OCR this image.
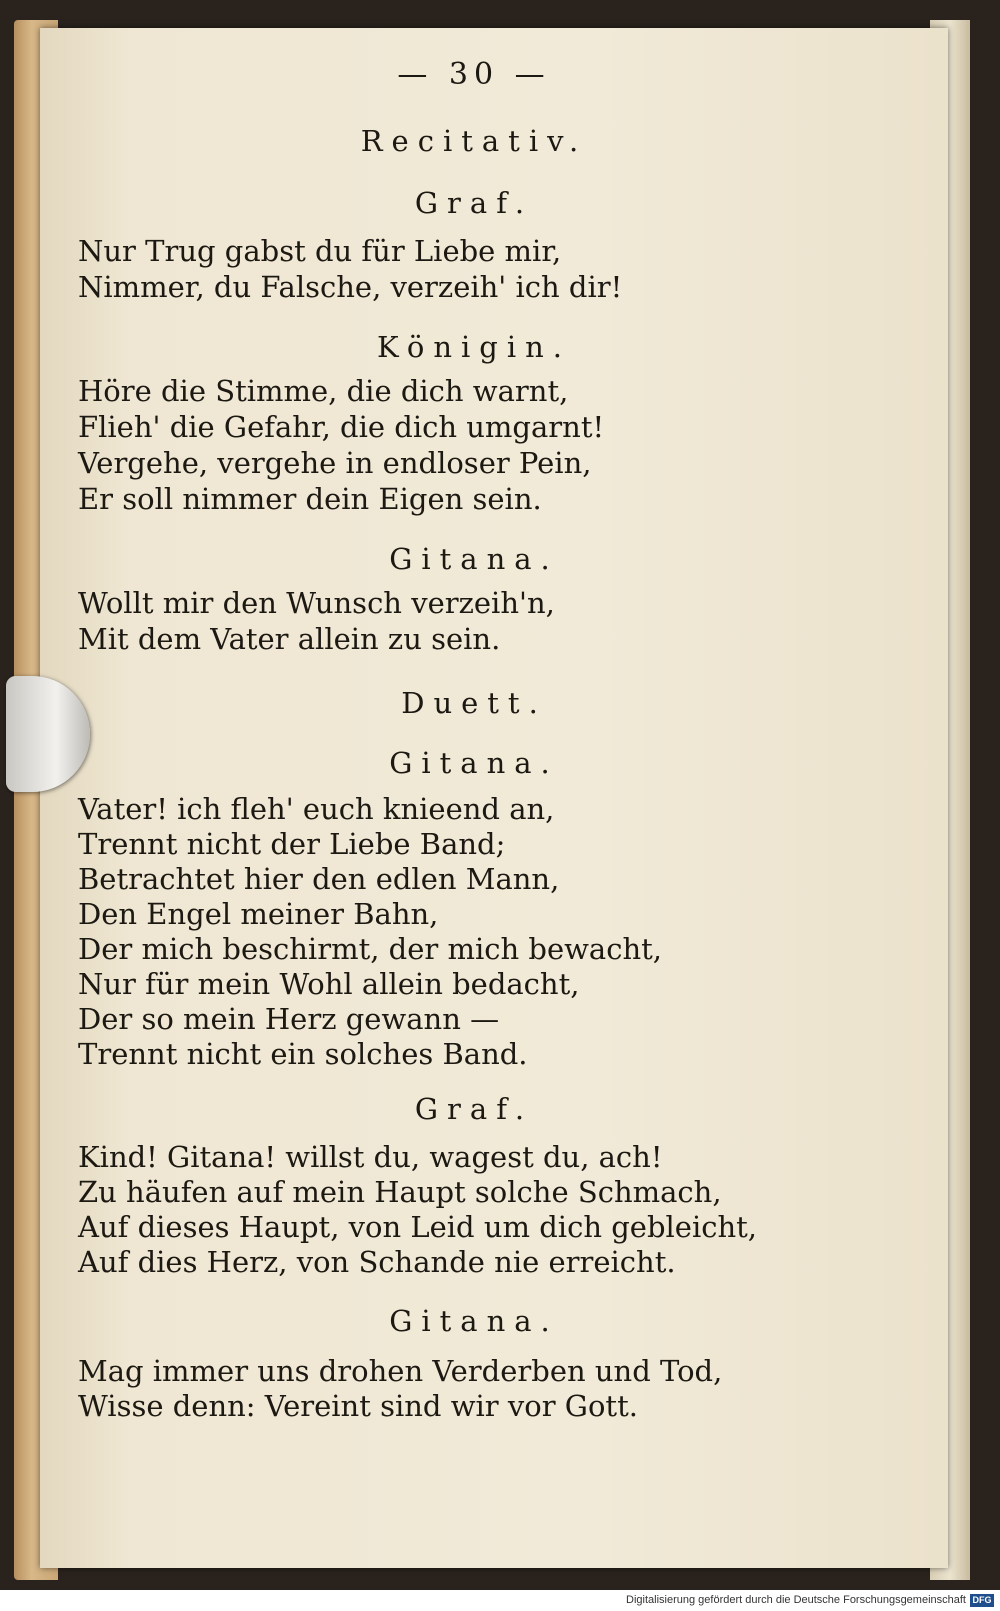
— 30 —
Recitativ.
Graf.
Nur Trug gabst du für Liebe mir,
Nimmer, du Falsche, verzeih' ich dir!
Königin.
Höre die Stimme, die dich warnt,
Flieh' die Gefahr, die dich umgarnt!
Vergehe, vergehe in endloser Pein,
Er soll nimmer dein Eigen sein.
Gitana.
Wollt mir den Wunsch verzeih'n,
Mit dem Vater allein zu sein.
Duett.
Gitana.
Vater! ich fleh' euch knieend an,
Trennt nicht der Liebe Band;
Betrachtet hier den edlen Mann,
Den Engel meiner Bahn,
Der mich beschirmt, der mich bewacht,
Nur für mein Wohl allein bedacht,
Der so mein Herz gewann —
Trennt nicht ein solches Band.
Graf.
Kind! Gitana! willst du, wagest du, ach!
Zu häufen auf mein Haupt solche Schmach,
Auf dieses Haupt, von Leid um dich gebleicht,
Auf dies Herz, von Schande nie erreicht.
Gitana.
Mag immer uns drohen Verderben und Tod,
Wisse denn: Vereint sind wir vor Gott.
Digitalisierung gefördert durch die Deutsche Forschungsgemeinschaft DFG
